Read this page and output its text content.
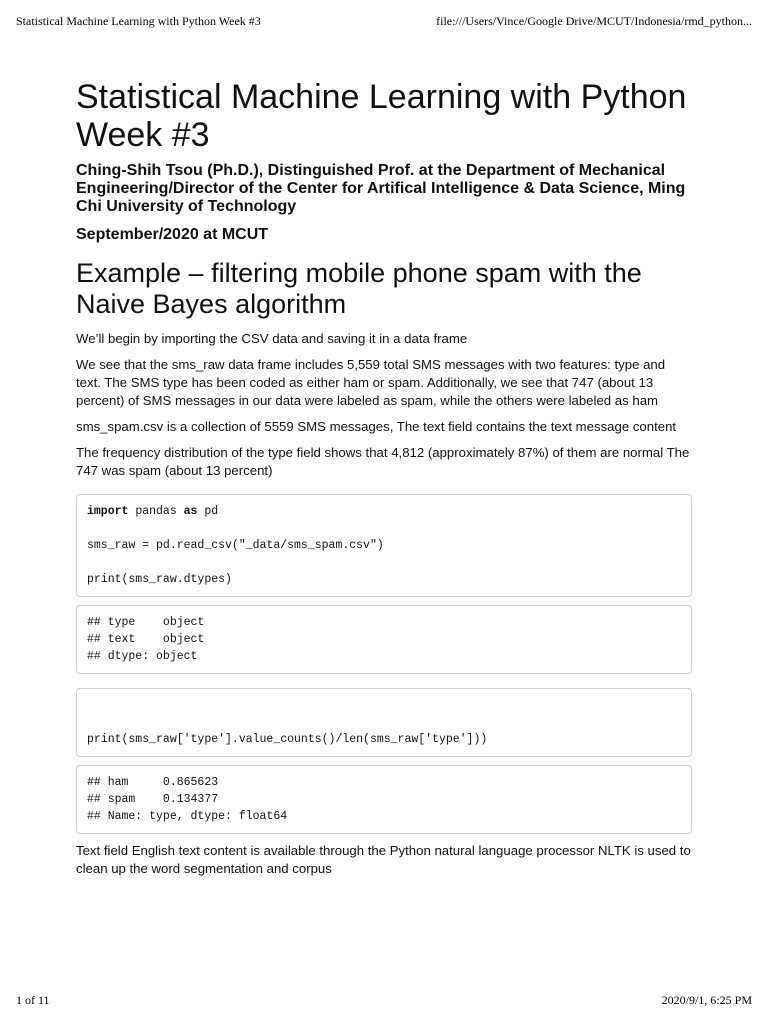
Statistical Machine Learning with Python Week #3	file:///Users/Vince/Google Drive/MCUT/Indonesia/rmd_python...
Statistical Machine Learning with Python Week #3
Ching-Shih Tsou (Ph.D.), Distinguished Prof. at the Department of Mechanical Engineering/Director of the Center for Artifical Intelligence & Data Science, Ming Chi University of Technology
September/2020 at MCUT
Example – filtering mobile phone spam with the Naive Bayes algorithm

We’ll begin by importing the CSV data and saving it in a data frame

We see that the sms_raw data frame includes 5,559 total SMS messages with two features: type and text. The SMS type has been coded as either ham or spam. Additionally, we see that 747 (about 13 percent) of SMS messages in our data were labeled as spam, while the others were labeled as ham

sms_spam.csv is a collection of 5559 SMS messages, The text field contains the text message content

The frequency distribution of the type field shows that 4,812 (approximately 87%) of them are normal The 747 was spam (about 13 percent)

import pandas as pd
sms_raw = pd.read_csv("_data/sms_spam.csv")
print(sms_raw.dtypes)
## type    object
## text    object
## dtype: object
print(sms_raw['type'].value_counts()/len(sms_raw['type']))
## ham     0.865623
## spam    0.134377
## Name: type, dtype: float64

Text field English text content is available through the Python natural language processor NLTK is used to clean up the word segmentation and corpus

1 of 11	2020/9/1, 6:25 PM
